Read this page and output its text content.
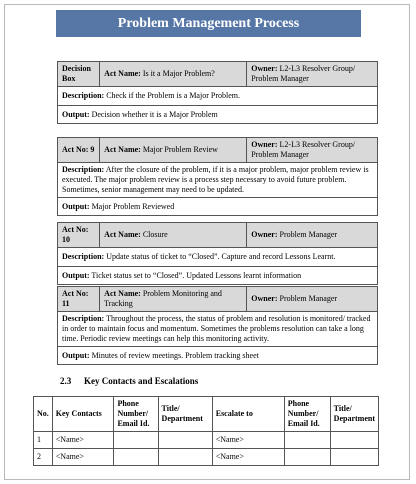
Problem Management Process
Decision Box	Act Name: Is it a Major Problem?	Owner: L2-L3 Resolver Group/ Problem Manager
Description: Check if the Problem is a Major Problem.
Output: Decision whether it is a Major Problem
Act No: 9	Act Name: Major Problem Review	Owner: L2-L3 Resolver Group/ Problem Manager
Description: After the closure of the problem, if it is a major problem, major problem review is executed. The major problem review is a process step necessary to avoid future problem. Sometimes, senior management may need to be updated.
Output: Major Problem Reviewed
Act No: 10	Act Name: Closure	Owner: Problem Manager
Description: Update status of ticket to “Closed”. Capture and record Lessons Learnt.
Output: Ticket status set to “Closed”. Updated Lessons learnt information
Act No: 11	Act Name: Problem Monitoring and Tracking	Owner: Problem Manager
Description: Throughout the process, the status of problem and resolution is monitored/ tracked in order to maintain focus and momentum. Sometimes the problems resolution can take a long time. Periodic review meetings can help this monitoring activity.
Output: Minutes of review meetings. Problem tracking sheet
2.3 Key Contacts and Escalations
No.	Key Contacts	Phone Number/ Email Id.	Title/ Department	Escalate to	Phone Number/ Email Id.	Title/ Department
1	<Name>			<Name>		
2	<Name>			<Name>		
